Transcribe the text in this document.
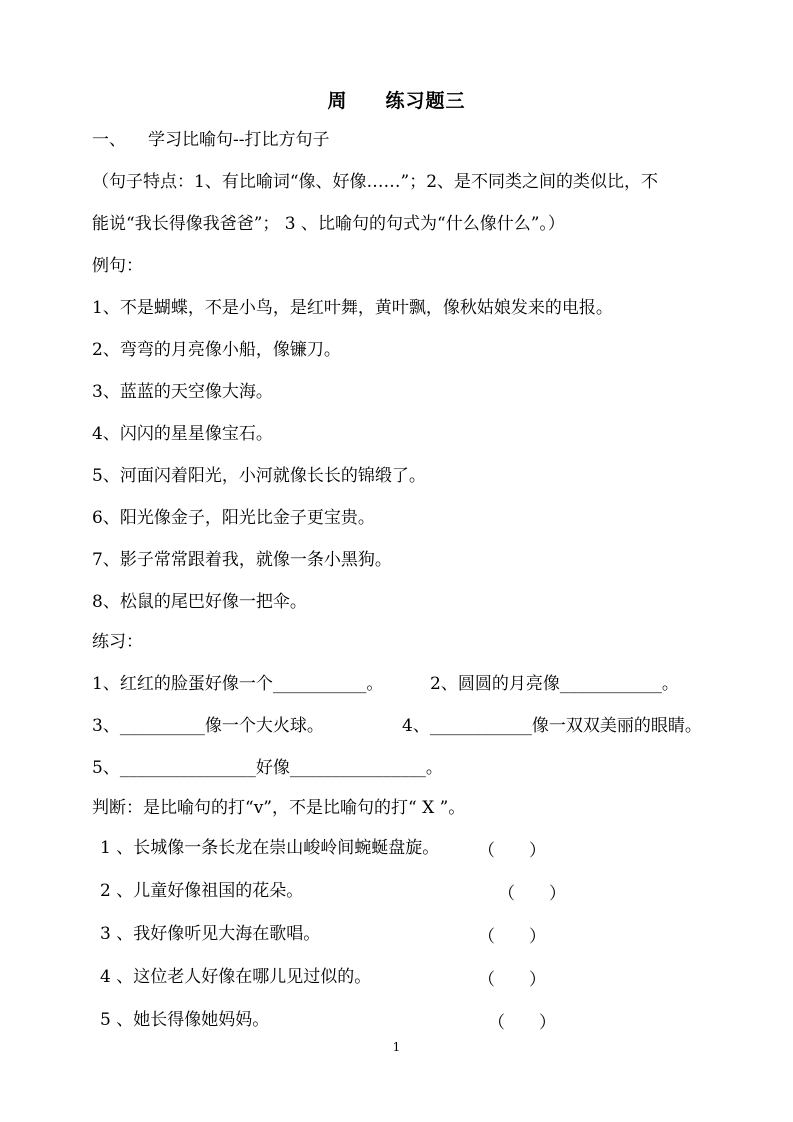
周 练习题三
一、 学习比喻句--打比方句子
（句子特点：1、有比喻词“像、好像……”；2、是不同类之间的类似比，不
能说“我长得像我爸爸”； 3 、比喻句的句式为“什么像什么”。）
例句：
1、不是蝴蝶，不是小鸟，是红叶舞，黄叶飘，像秋姑娘发来的电报。
2、弯弯的月亮像小船，像镰刀。
3、蓝蓝的天空像大海。
4、闪闪的星星像宝石。
5、河面闪着阳光，小河就像长长的锦缎了。
6、阳光像金子，阳光比金子更宝贵。
7、影子常常跟着我，就像一条小黑狗。
8、松鼠的尾巴好像一把伞。
练习：
1、红红的脸蛋好像一个___________。	2、圆圆的月亮像____________。
3、__________像一个大火球。	4、____________像一双双美丽的眼睛。
5、________________好像________________。
判断：是比喻句的打“v”，不是比喻句的打“ X ”。
1 、长城像一条长龙在崇山峻岭间蜿蜒盘旋。 （　　）
2 、儿童好像祖国的花朵。	（　　）
3 、我好像听见大海在歌唱。	（　　）
4 、这位老人好像在哪儿见过似的。	（　　）
5 、她长得像她妈妈。	（　　）
1
